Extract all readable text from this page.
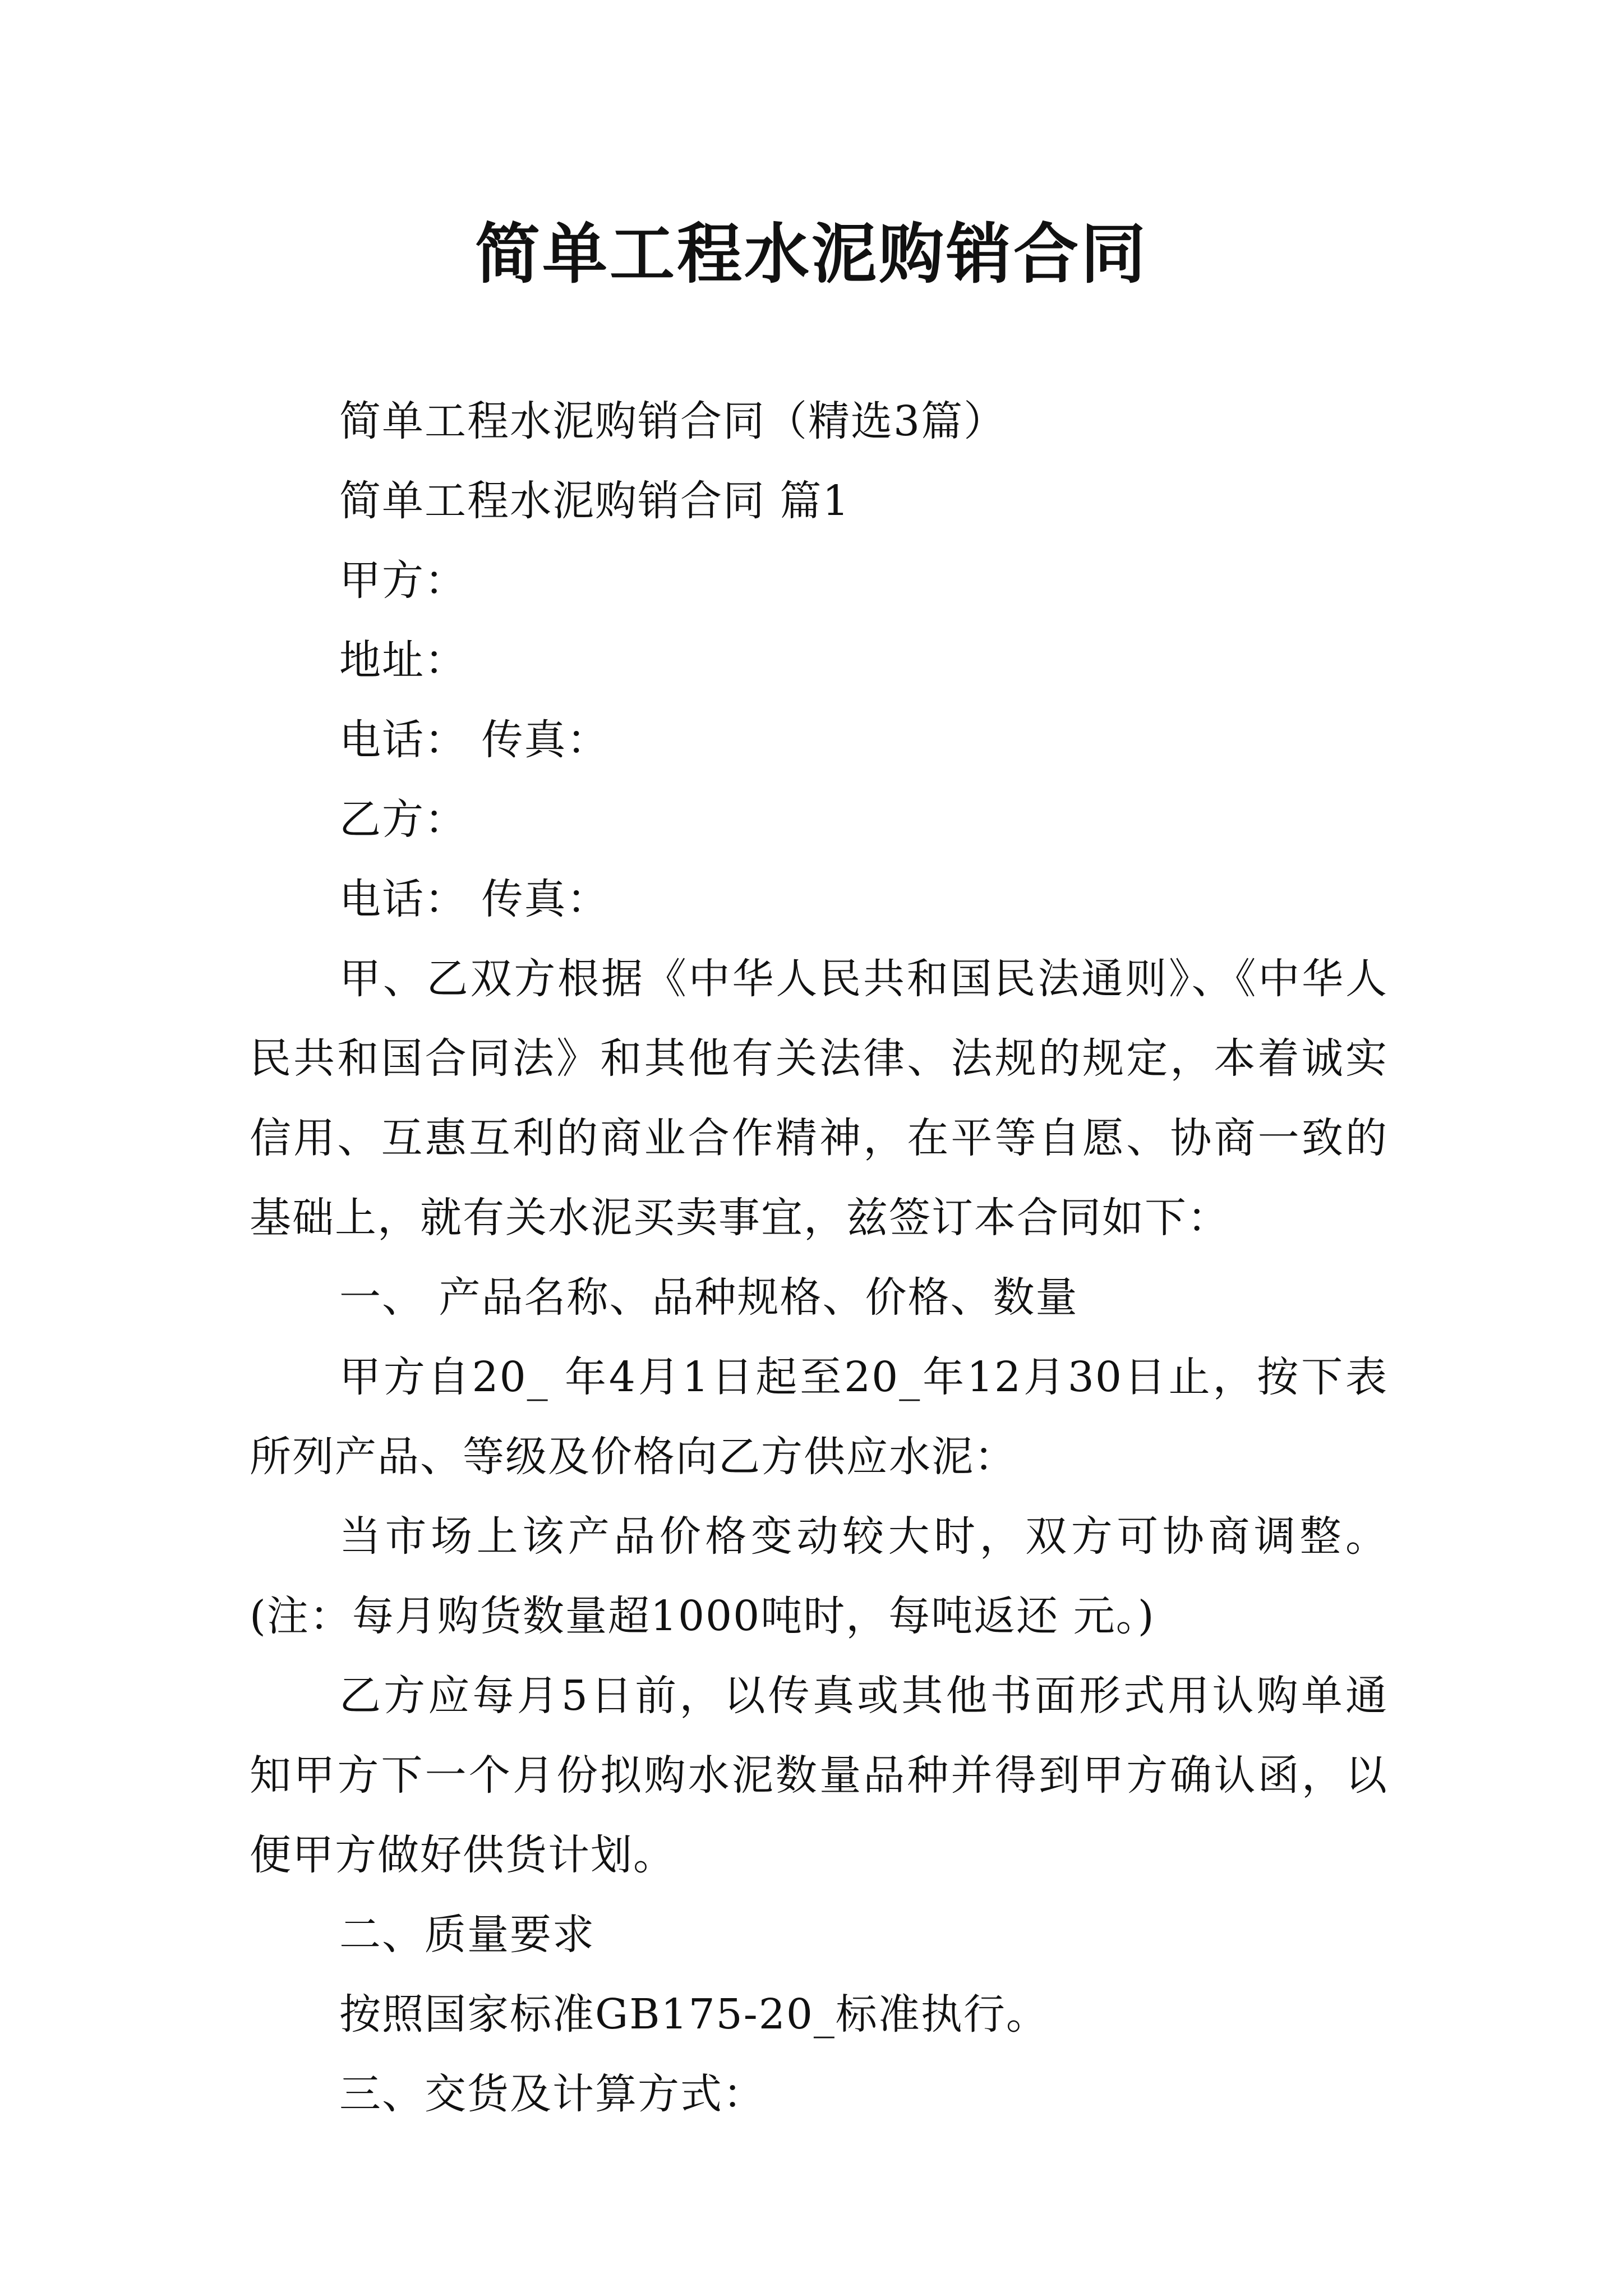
简单工程水泥购销合同

简单工程水泥购销合同（精选3篇）

简单工程水泥购销合同 篇1

甲方：

地址：

电话： 传真：

乙方：

电话： 传真：

甲、乙双方根据《中华人民共和国民法通则》、《中华人民共和国合同法》和其他有关法律、法规的规定，本着诚实信用、互惠互利的商业合作精神，在平等自愿、协商一致的基础上，就有关水泥买卖事宜，兹签订本合同如下：

一、 产品名称、品种规格、价格、数量

甲方自20_ 年4月1日起至20_年12月30日止，按下表所列产品、等级及价格向乙方供应水泥：

当市场上该产品价格变动较大时，双方可协商调整。(注：每月购货数量超1000吨时，每吨返还 元。)

乙方应每月5日前，以传真或其他书面形式用认购单通知甲方下一个月份拟购水泥数量品种并得到甲方确认函，以便甲方做好供货计划。

二、质量要求

按照国家标准GB175-20_标准执行。

三、交货及计算方式：
